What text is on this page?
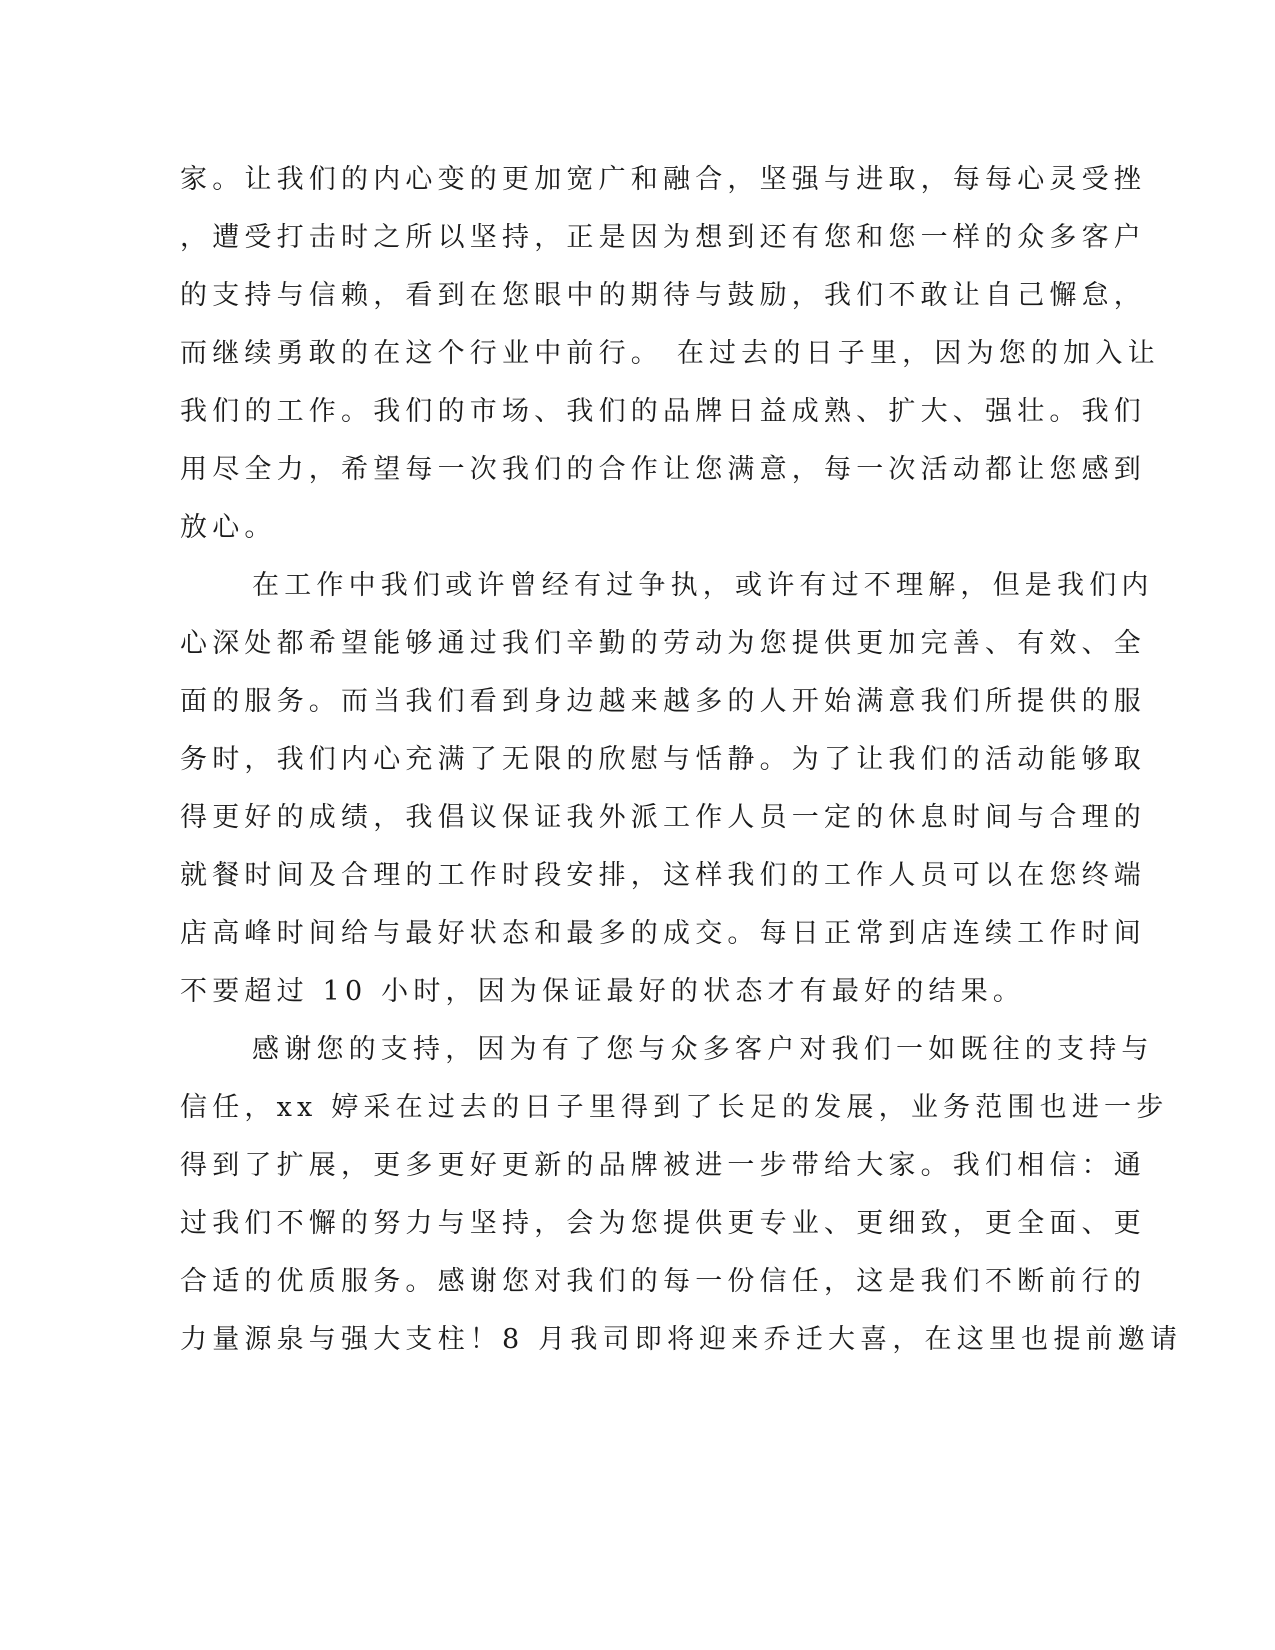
家。让我们的内心变的更加宽广和融合，坚强与进取，每每心灵受挫

，遭受打击时之所以坚持，正是因为想到还有您和您一样的众多客户

的支持与信赖，看到在您眼中的期待与鼓励，我们不敢让自己懈怠，

而继续勇敢的在这个行业中前行。 在过去的日子里，因为您的加入让

我们的工作。我们的市场、我们的品牌日益成熟、扩大、强壮。我们

用尽全力，希望每一次我们的合作让您满意，每一次活动都让您感到

放心。

在工作中我们或许曾经有过争执，或许有过不理解，但是我们内

心深处都希望能够通过我们辛勤的劳动为您提供更加完善、有效、全

面的服务。而当我们看到身边越来越多的人开始满意我们所提供的服

务时，我们内心充满了无限的欣慰与恬静。为了让我们的活动能够取

得更好的成绩，我倡议保证我外派工作人员一定的休息时间与合理的

就餐时间及合理的工作时段安排，这样我们的工作人员可以在您终端

店高峰时间给与最好状态和最多的成交。每日正常到店连续工作时间

不要超过 10 小时，因为保证最好的状态才有最好的结果。

感谢您的支持，因为有了您与众多客户对我们一如既往的支持与

信任，xx 婷采在过去的日子里得到了长足的发展，业务范围也进一步

得到了扩展，更多更好更新的品牌被进一步带给大家。我们相信：通

过我们不懈的努力与坚持，会为您提供更专业、更细致，更全面、更

合适的优质服务。感谢您对我们的每一份信任，这是我们不断前行的

力量源泉与强大支柱！8 月我司即将迎来乔迁大喜，在这里也提前邀请
